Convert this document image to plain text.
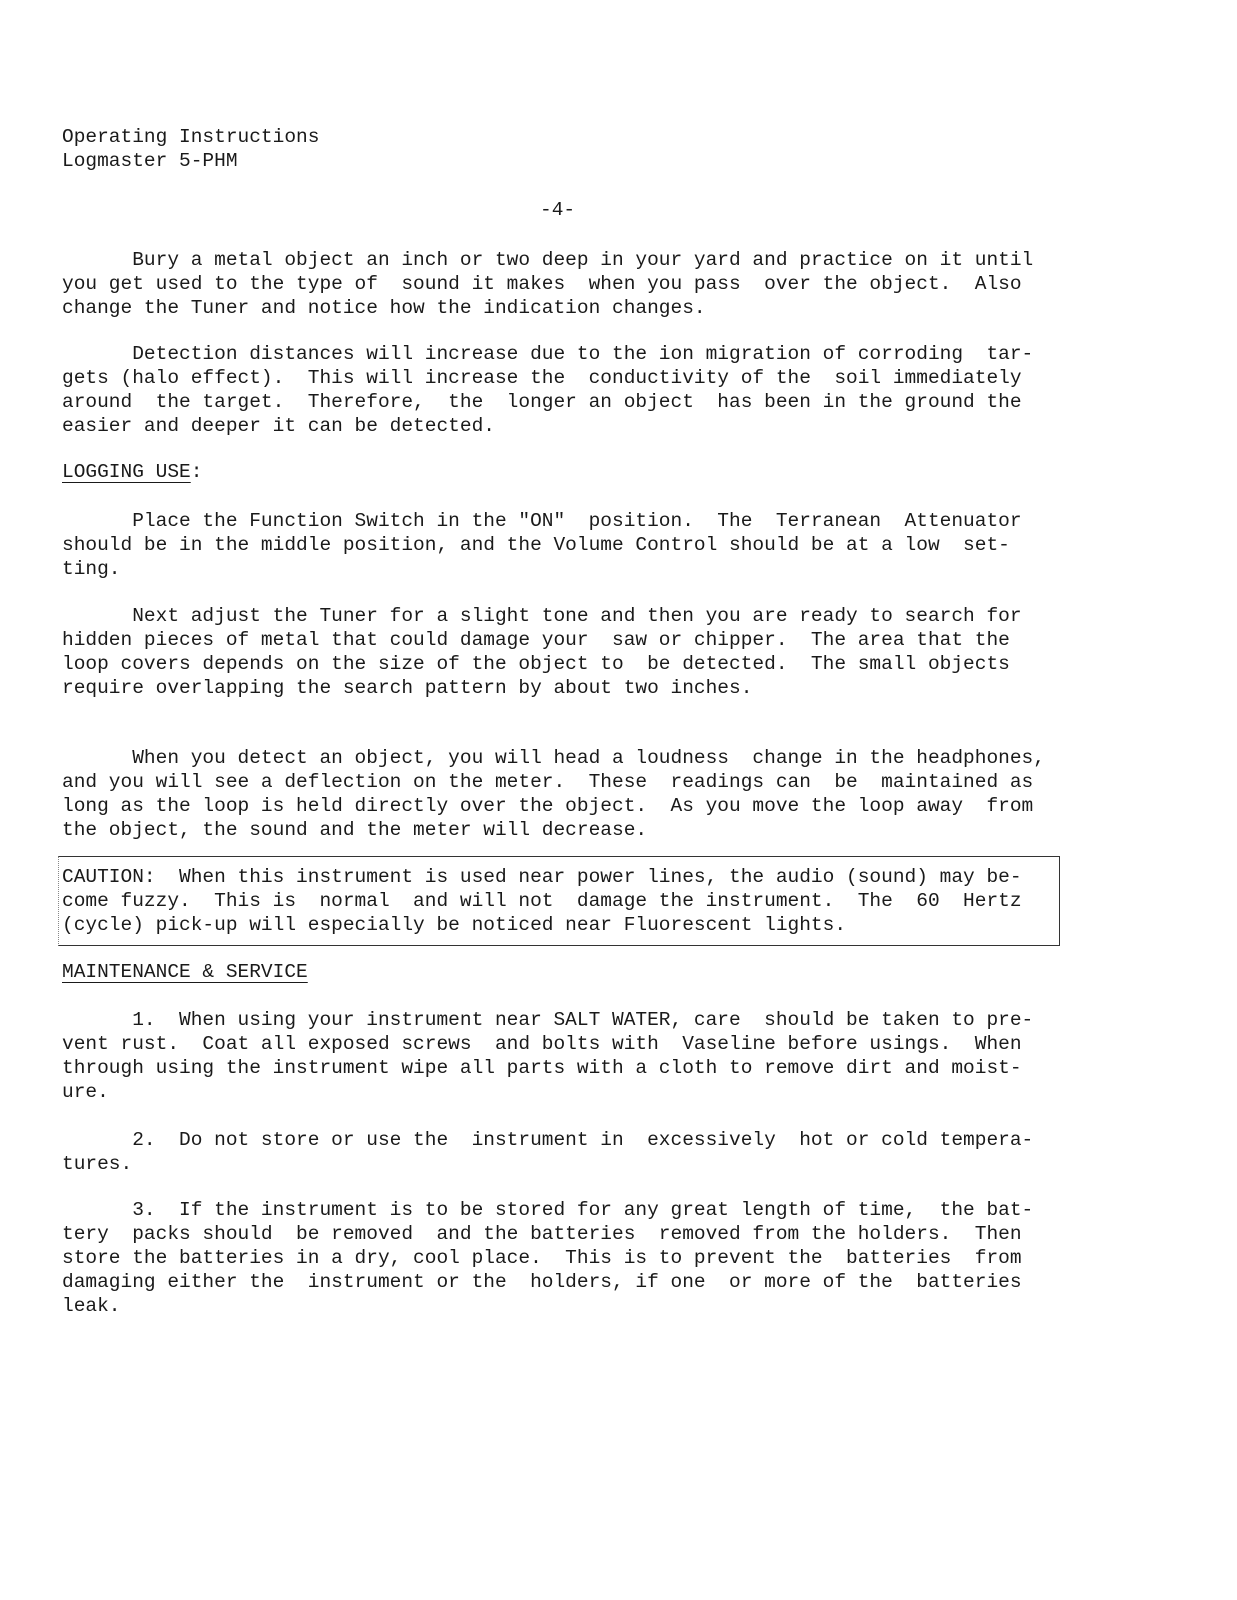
Operating Instructions
Logmaster 5-PHM
-4-
Bury a metal object an inch or two deep in your yard and practice on it until
you get used to the type of  sound it makes  when you pass  over the object.  Also
change the Tuner and notice how the indication changes.
Detection distances will increase due to the ion migration of corroding  tar-
gets (halo effect).  This will increase the  conductivity of the  soil immediately
around  the target.  Therefore,  the  longer an object  has been in the ground the
easier and deeper it can be detected.
LOGGING USE:
Place the Function Switch in the "ON"  position.  The  Terranean  Attenuator
should be in the middle position, and the Volume Control should be at a low  set-
ting.
Next adjust the Tuner for a slight tone and then you are ready to search for
hidden pieces of metal that could damage your  saw or chipper.  The area that the
loop covers depends on the size of the object to  be detected.  The small objects
require overlapping the search pattern by about two inches.
When you detect an object, you will head a loudness  change in the headphones,
and you will see a deflection on the meter.  These  readings can  be  maintained as
long as the loop is held directly over the object.  As you move the loop away  from
the object, the sound and the meter will decrease.
CAUTION:  When this instrument is used near power lines, the audio (sound) may be-
come fuzzy.  This is  normal  and will not  damage the instrument.  The  60  Hertz
(cycle) pick-up will especially be noticed near Fluorescent lights.
MAINTENANCE & SERVICE
1.  When using your instrument near SALT WATER, care  should be taken to pre-
vent rust.  Coat all exposed screws  and bolts with  Vaseline before usings.  When
through using the instrument wipe all parts with a cloth to remove dirt and moist-
ure.
2.  Do not store or use the  instrument in  excessively  hot or cold tempera-
tures.
3.  If the instrument is to be stored for any great length of time,  the bat-
tery  packs should  be removed  and the batteries  removed from the holders.  Then
store the batteries in a dry, cool place.  This is to prevent the  batteries  from
damaging either the  instrument or the  holders, if one  or more of the  batteries
leak.
